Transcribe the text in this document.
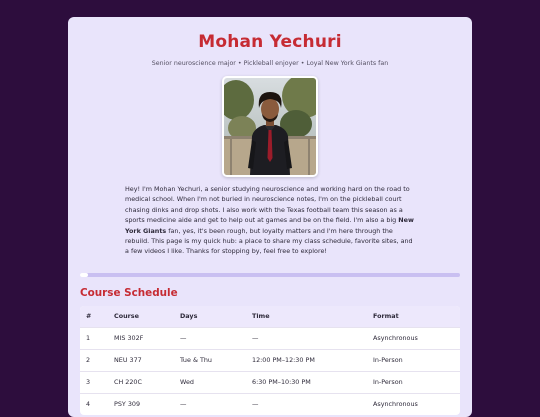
Mohan Yechuri

Senior neuroscience major • Pickleball enjoyer • Loyal New York Giants fan

Hey! I'm Mohan Yechuri, a senior studying neuroscience and working hard on the road to medical school. When I'm not buried in neuroscience notes, I'm on the pickleball court chasing dinks and drop shots. I also work with the Texas football team this season as a sports medicine aide and get to help out at games and be on the field. I'm also a big New York Giants fan, yes, it's been rough, but loyalty matters and I'm here through the rebuild. This page is my quick hub: a place to share my class schedule, favorite sites, and a few videos I like. Thanks for stopping by, feel free to explore!

Course Schedule
#	Course	Days	Time	Format
1	MIS 302F	—	—	Asynchronous
2	NEU 377	Tue & Thu	12:00 PM–12:30 PM	In-Person
3	CH 220C	Wed	6:30 PM–10:30 PM	In-Person
4	PSY 309	—	—	Asynchronous
